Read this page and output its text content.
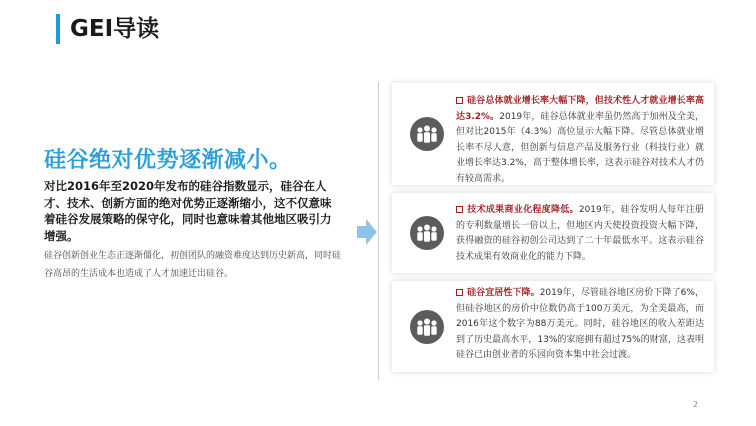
GEI导读
硅谷绝对优势逐渐减小。
对比2016年至2020年发布的硅谷指数显示，硅谷在人才、技术、创新方面的绝对优势正逐渐缩小，这不仅意味着硅谷发展策略的保守化，同时也意味着其他地区吸引力增强。
硅谷创新创业生态正逐渐僵化，初创团队的融资难度达到历史新高，同时硅谷高昂的生活成本也造成了人才加速迁出硅谷。
硅谷总体就业增长率大幅下降，但技术性人才就业增长率高达3.2%。2019年，硅谷总体就业率虽仍然高于加州及全美，但对比2015年（4.3%）高位显示大幅下降。尽管总体就业增长率不尽人意，但创新与信息产品及服务行业（科技行业）就业增长率达3.2%，高于整体增长率，这表示硅谷对技术人才仍有较高需求。
技术成果商业化程度降低。2019年，硅谷发明人每年注册的专利数量增长一倍以上，但地区内天使投资投资大幅下降，获得融资的硅谷初创公司达到了二十年最低水平。这表示硅谷技术成果有效商业化的能力下降。
硅谷宜居性下降。2019年，尽管硅谷地区房价下降了6%，但硅谷地区的房价中位数仍高于100万美元，为全美最高，而2016年这个数字为88万美元。同时，硅谷地区的收入差距达到了历史最高水平，13%的家庭拥有超过75%的财富，这表明硅谷已由创业者的乐园向资本集中社会过渡。
2
